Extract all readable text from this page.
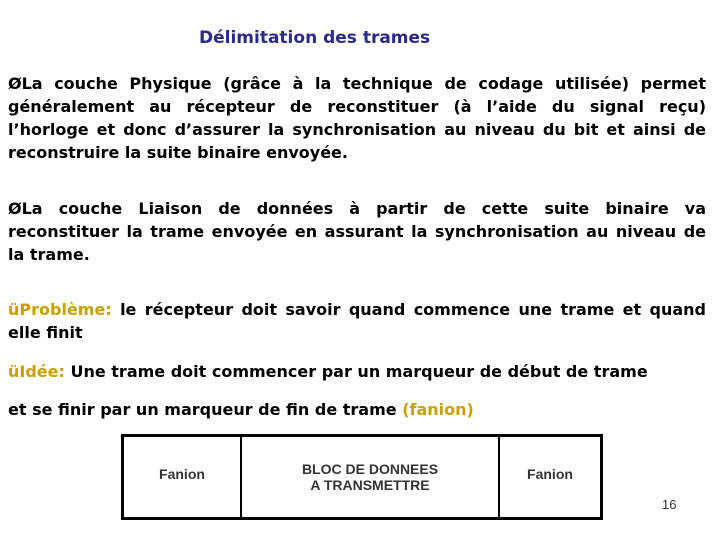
Délimitation des trames

ØLa couche Physique (grâce à la technique de codage utilisée) permet généralement au récepteur de reconstituer (à l’aide du signal reçu) l’horloge et donc d’assurer la synchronisation au niveau du bit et ainsi de reconstruire la suite binaire envoyée.

ØLa couche Liaison de données à partir de cette suite binaire va reconstituer la trame envoyée en assurant la synchronisation au niveau de la trame.

üProblème: le récepteur doit savoir quand commence une trame et quand elle finit

üIdée: Une trame doit commencer par un marqueur de début de trame

et se finir par un marqueur de fin de trame (fanion)

Fanion	BLOC DE DONNEES
A TRANSMETTRE
Fanion
16
